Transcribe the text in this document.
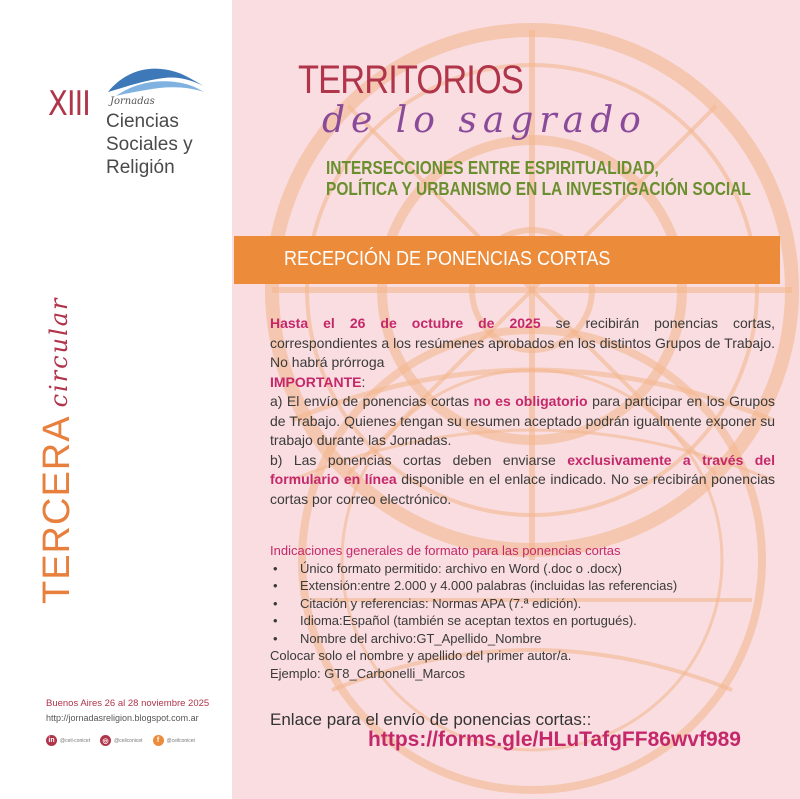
XIII Jornadas
Ciencias
Sociales y
Religión
TERCERA
circular
Buenos Aires 26 al 28 noviembre 2025
http://jornadasreligion.blogspot.com.ar
in	@ceil-conicet	◎	@ceilconicet	f	@ceilconicet
TERRITORIOS
de lo sagrado
INTERSECCIONES ENTRE ESPIRITUALIDAD,
POLÍTICA Y URBANISMO EN LA INVESTIGACIÓN SOCIAL
RECEPCIÓN DE PONENCIAS CORTAS

Hasta el 26 de octubre de 2025 se recibirán ponencias cortas, correspondientes a los resúmenes aprobados en los distintos Grupos de Trabajo. No habrá prórroga

IMPORTANTE:

a) El envío de ponencias cortas no es obligatorio para participar en los Grupos de Trabajo. Quienes tengan su resumen aceptado podrán igualmente exponer su trabajo durante las Jornadas.

b) Las ponencias cortas deben enviarse exclusivamente a través del formulario en línea disponible en el enlace indicado. No se recibirán ponencias cortas por correo electrónico.

Indicaciones generales de formato para las ponencias cortas
• Único formato permitido: archivo en Word (.doc o .docx)
• Extensión:entre 2.000 y 4.000 palabras (incluidas las referencias)
• Citación y referencias: Normas APA (7.ª edición).
• Idioma:Español (también se aceptan textos en portugués).
• Nombre del archivo:GT_Apellido_Nombre
Colocar solo el nombre y apellido del primer autor/a.
Ejemplo: GT8_Carbonelli_Marcos
Enlace para el envío de ponencias cortas::
https://forms.gle/HLuTafgFF86wvf989
